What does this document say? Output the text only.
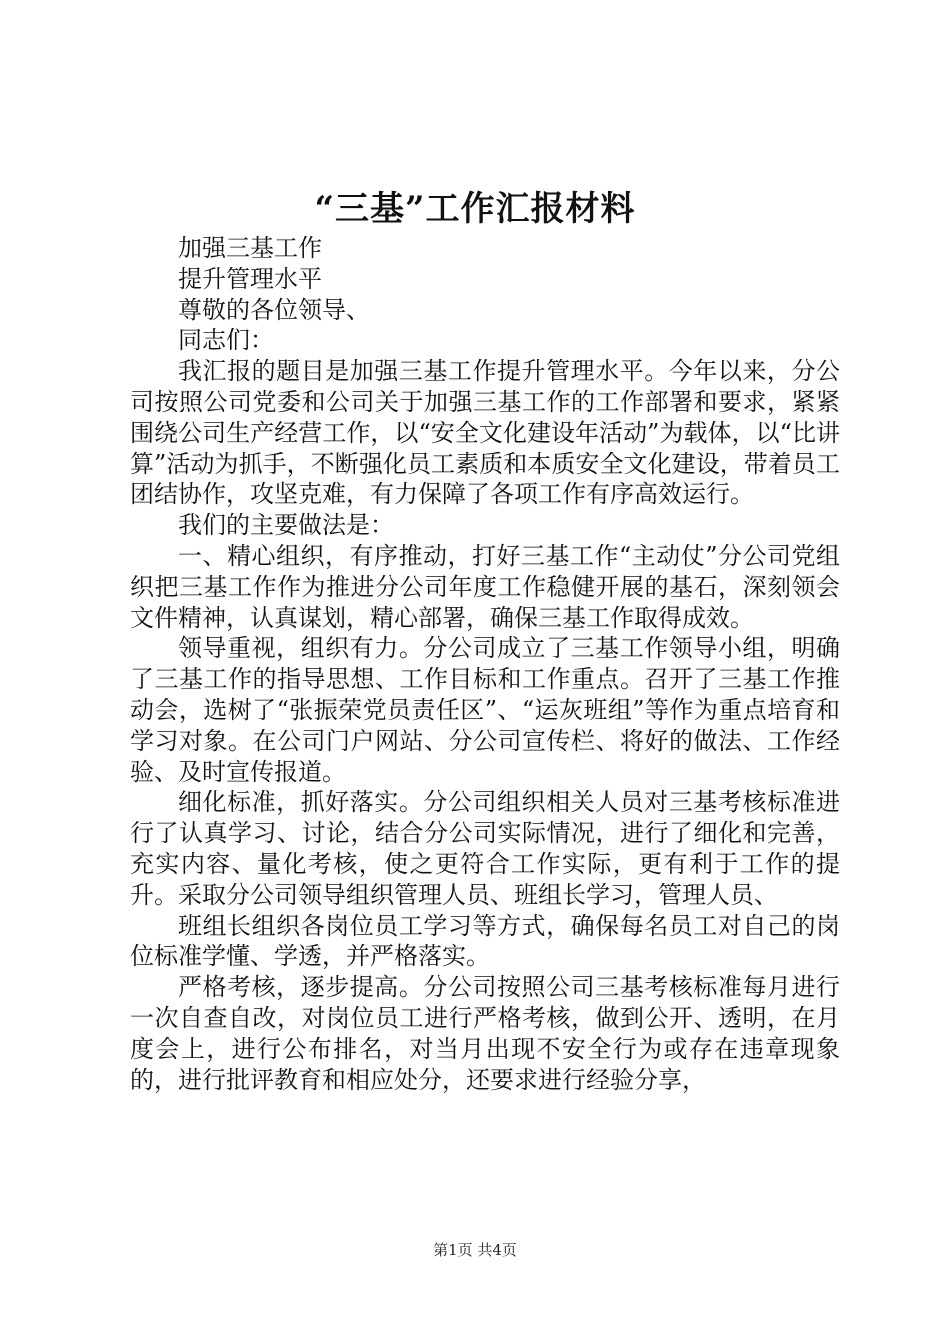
“三基”工作汇报材料

加强三基工作

提升管理水平

尊敬的各位领导、

同志们：

我汇报的题目是加强三基工作提升管理水平。今年以来，分公司按照公司党委和公司关于加强三基工作的工作部署和要求，紧紧围绕公司生产经营工作，以“安全文化建设年活动”为载体，以“比讲算”活动为抓手，不断强化员工素质和本质安全文化建设，带着员工团结协作，攻坚克难，有力保障了各项工作有序高效运行。

我们的主要做法是：

一、精心组织，有序推动，打好三基工作“主动仗”分公司党组织把三基工作作为推进分公司年度工作稳健开展的基石，深刻领会文件精神，认真谋划，精心部署，确保三基工作取得成效。

领导重视，组织有力。分公司成立了三基工作领导小组，明确了三基工作的指导思想、工作目标和工作重点。召开了三基工作推动会，选树了“张振荣党员责任区”、“运灰班组”等作为重点培育和学习对象。在公司门户网站、分公司宣传栏、将好的做法、工作经验、及时宣传报道。

细化标准，抓好落实。分公司组织相关人员对三基考核标准进行了认真学习、讨论，结合分公司实际情况，进行了细化和完善，充实内容、量化考核，使之更符合工作实际，更有利于工作的提升。采取分公司领导组织管理人员、班组长学习，管理人员、

班组长组织各岗位员工学习等方式，确保每名员工对自己的岗位标准学懂、学透，并严格落实。

严格考核，逐步提高。分公司按照公司三基考核标准每月进行一次自查自改，对岗位员工进行严格考核，做到公开、透明，在月度会上，进行公布排名，对当月出现不安全行为或存在违章现象的，进行批评教育和相应处分，还要求进行经验分享，

第1页 共4页
